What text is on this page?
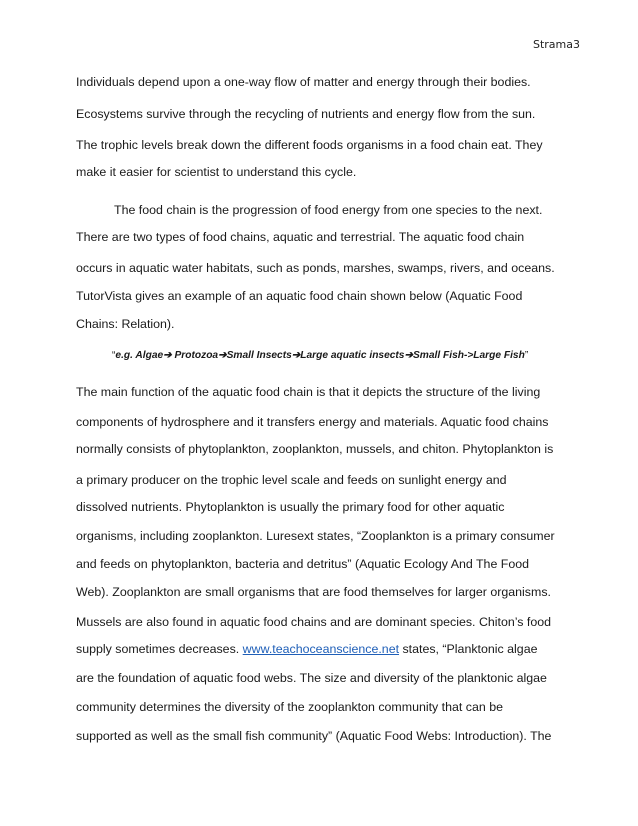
Strama3
Individuals depend upon a one-way flow of matter and energy through their bodies.
Ecosystems survive through the recycling of nutrients and energy flow from the sun.
The trophic levels break down the different foods organisms in a food chain eat. They
make it easier for scientist to understand this cycle.
The food chain is the progression of food energy from one species to the next.
There are two types of food chains, aquatic and terrestrial. The aquatic food chain
occurs in aquatic water habitats, such as ponds, marshes, swamps, rivers, and oceans.
TutorVista gives an example of an aquatic food chain shown below (Aquatic Food
Chains: Relation).
“e.g. Algae➔ Protozoa➔Small Insects➔Large aquatic insects➔Small Fish->Large Fish”
The main function of the aquatic food chain is that it depicts the structure of the living
components of hydrosphere and it transfers energy and materials. Aquatic food chains
normally consists of phytoplankton, zooplankton, mussels, and chiton. Phytoplankton is
a primary producer on the trophic level scale and feeds on sunlight energy and
dissolved nutrients. Phytoplankton is usually the primary food for other aquatic
organisms, including zooplankton. Luresext states, “Zooplankton is a primary consumer
and feeds on phytoplankton, bacteria and detritus” (Aquatic Ecology And The Food
Web). Zooplankton are small organisms that are food themselves for larger organisms.
Mussels are also found in aquatic food chains and are dominant species. Chiton’s food
supply sometimes decreases. www.teachoceanscience.net states, “Planktonic algae
are the foundation of aquatic food webs. The size and diversity of the planktonic algae
community determines the diversity of the zooplankton community that can be
supported as well as the small fish community” (Aquatic Food Webs: Introduction). The
